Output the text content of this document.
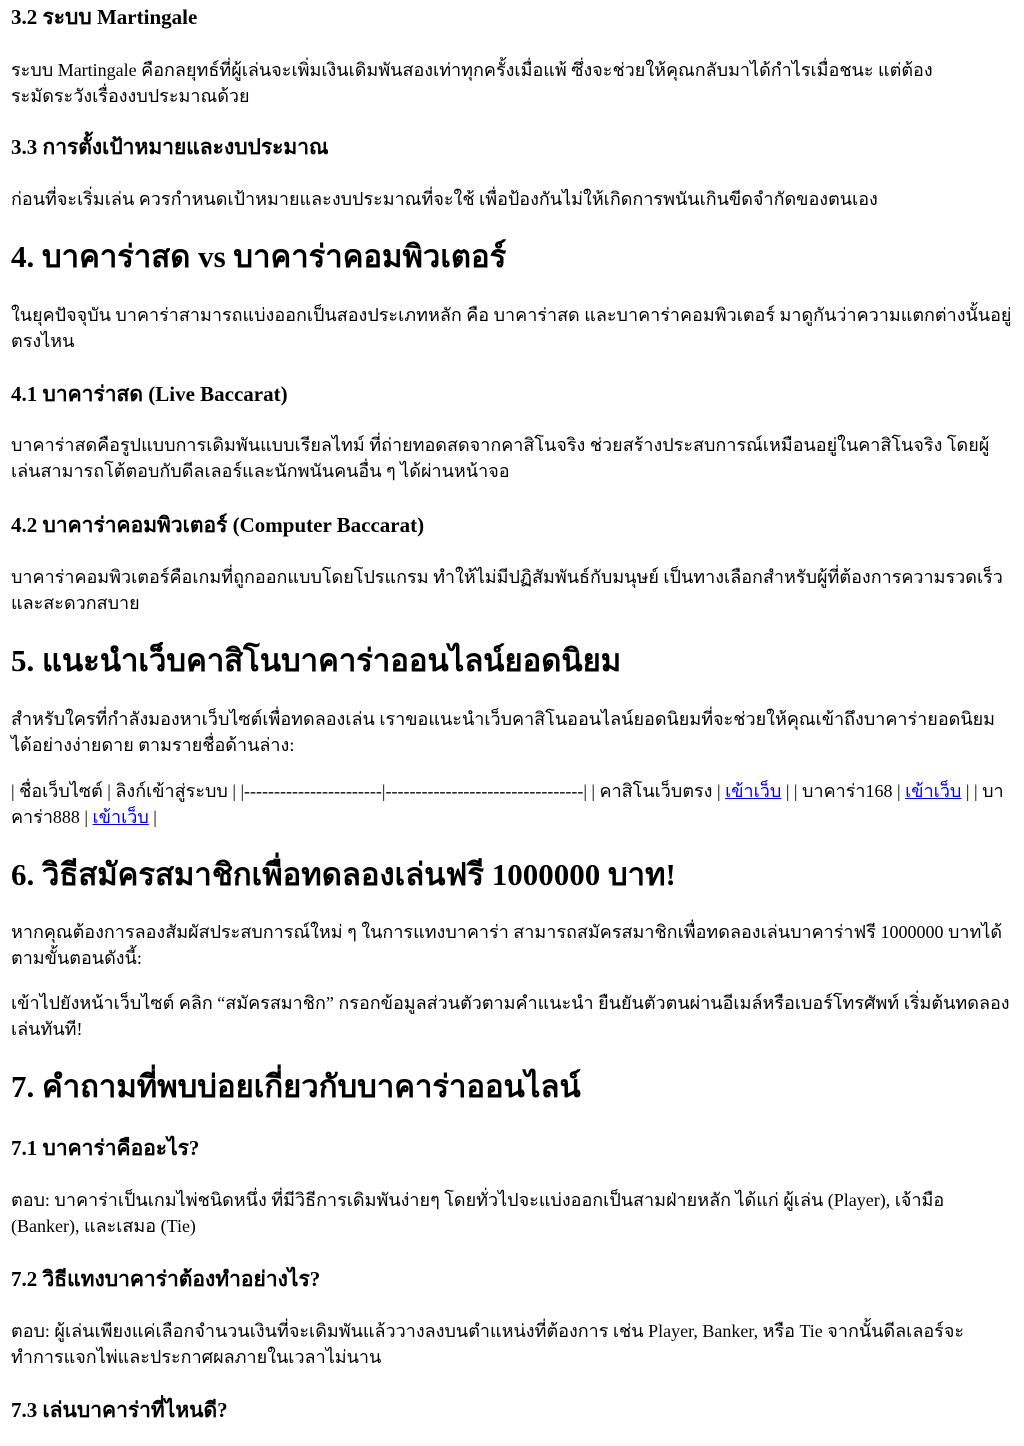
3.2 ระบบ Martingale

ระบบ Martingale คือกลยุทธ์ที่ผู้เล่นจะเพิ่มเงินเดิมพันสองเท่าทุกครั้งเมื่อแพ้ ซึ่งจะช่วยให้คุณกลับมาได้กำไรเมื่อชนะ แต่ต้องระมัดระวังเรื่องงบประมาณด้วย

3.3 การตั้งเป้าหมายและงบประมาณ

ก่อนที่จะเริ่มเล่น ควรกำหนดเป้าหมายและงบประมาณที่จะใช้ เพื่อป้องกันไม่ให้เกิดการพนันเกินขีดจำกัดของตนเอง

4. บาคาร่าสด vs บาคาร่าคอมพิวเตอร์

ในยุคปัจจุบัน บาคาร่าสามารถแบ่งออกเป็นสองประเภทหลัก คือ บาคาร่าสด และบาคาร่าคอมพิวเตอร์ มาดูกันว่าความแตกต่างนั้นอยู่ตรงไหน

4.1 บาคาร่าสด (Live Baccarat)

บาคาร่าสดคือรูปแบบการเดิมพันแบบเรียลไทม์ ที่ถ่ายทอดสดจากคาสิโนจริง ช่วยสร้างประสบการณ์เหมือนอยู่ในคาสิโนจริง โดยผู้เล่นสามารถโต้ตอบกับดีลเลอร์และนักพนันคนอื่น ๆ ได้ผ่านหน้าจอ

4.2 บาคาร่าคอมพิวเตอร์ (Computer Baccarat)

บาคาร่าคอมพิวเตอร์คือเกมที่ถูกออกแบบโดยโปรแกรม ทำให้ไม่มีปฏิสัมพันธ์กับมนุษย์ เป็นทางเลือกสำหรับผู้ที่ต้องการความรวดเร็วและสะดวกสบาย

5. แนะนำเว็บคาสิโนบาคาร่าออนไลน์ยอดนิยม

สำหรับใครที่กำลังมองหาเว็บไซต์เพื่อทดลองเล่น เราขอแนะนำเว็บคาสิโนออนไลน์ยอดนิยมที่จะช่วยให้คุณเข้าถึงบาคาร่ายอดนิยมได้อย่างง่ายดาย ตามรายชื่อด้านล่าง:

| ชื่อเว็บไซต์ | ลิงก์เข้าสู่ระบบ | |-----------------------|---------------------------------| | คาสิโนเว็บตรง | เข้าเว็บ | | บาคาร่า168 | เข้าเว็บ | | บาคาร่า888 | เข้าเว็บ |

6. วิธีสมัครสมาชิกเพื่อทดลองเล่นฟรี 1000000 บาท!

หากคุณต้องการลองสัมผัสประสบการณ์ใหม่ ๆ ในการแทงบาคาร่า สามารถสมัครสมาชิกเพื่อทดลองเล่นบาคาร่าฟรี 1000000 บาทได้ตามขั้นตอนดังนี้:

เข้าไปยังหน้าเว็บไซต์ คลิก “สมัครสมาชิก” กรอกข้อมูลส่วนตัวตามคำแนะนำ ยืนยันตัวตนผ่านอีเมล์หรือเบอร์โทรศัพท์ เริ่มต้นทดลองเล่นทันที!

7. คำถามที่พบบ่อยเกี่ยวกับบาคาร่าออนไลน์
7.1 บาคาร่าคืออะไร?

ตอบ: บาคาร่าเป็นเกมไพ่ชนิดหนึ่ง ที่มีวิธีการเดิมพันง่ายๆ โดยทั่วไปจะแบ่งออกเป็นสามฝ่ายหลัก ได้แก่ ผู้เล่น (Player), เจ้ามือ (Banker), และเสมอ (Tie)

7.2 วิธีแทงบาคาร่าต้องทำอย่างไร?

ตอบ: ผู้เล่นเพียงแค่เลือกจำนวนเงินที่จะเดิมพันแล้ววางลงบนตำแหน่งที่ต้องการ เช่น Player, Banker, หรือ Tie จากนั้นดีลเลอร์จะทำการแจกไพ่และประกาศผลภายในเวลาไม่นาน

7.3 เล่นบาคาร่าที่ไหนดี?
